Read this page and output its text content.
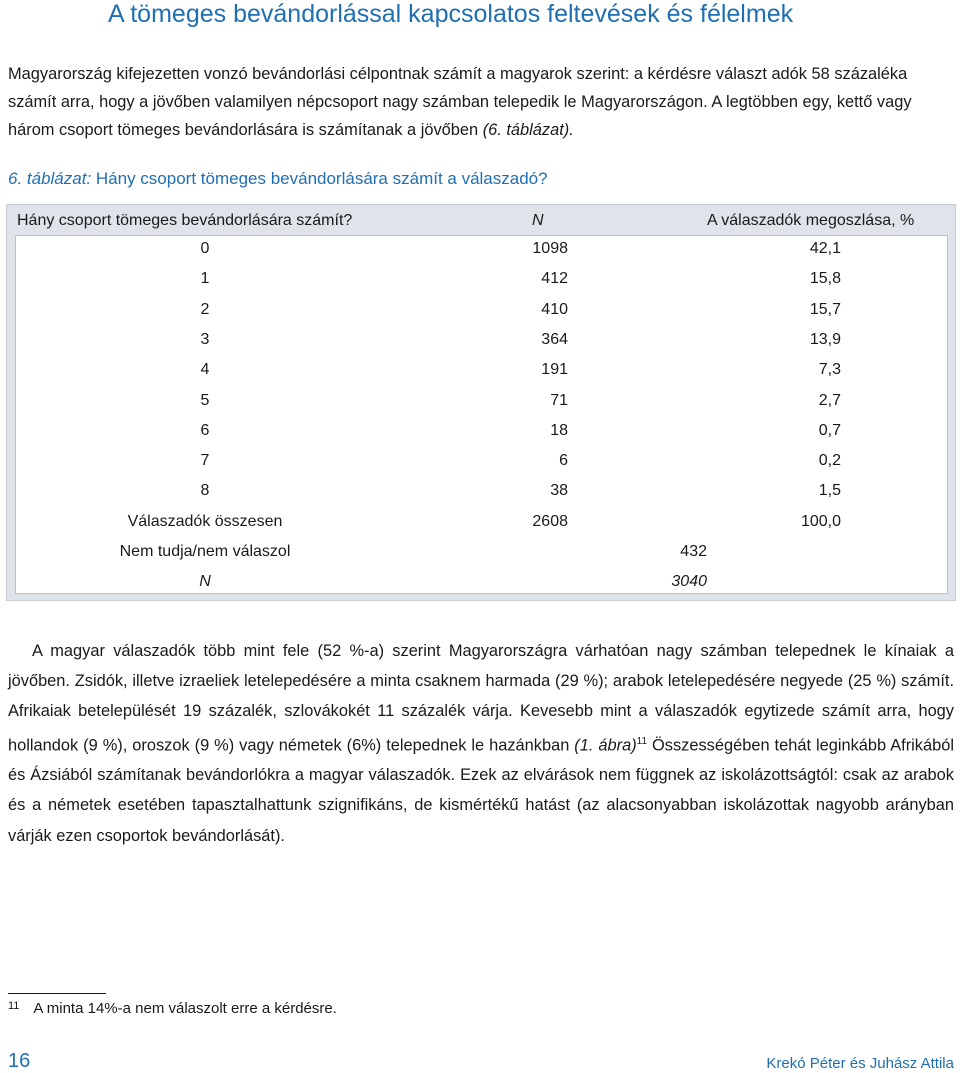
A tömeges bevándorlással kapcsolatos feltevések és félelmek

Magyarország kifejezetten vonzó bevándorlási célpontnak számít a magyarok szerint: a kérdésre választ adók 58 százaléka számít arra, hogy a jövőben valamilyen népcsoport nagy számban telepedik le Magyarországon. A legtöbben egy, kettő vagy három csoport tömeges bevándorlására is számítanak a jövőben (6. táblázat).

6. táblázat: Hány csoport tömeges bevándorlására számít a válaszadó?
Hány csoport tömeges bevándorlására számít?	N	A válaszadók megoszlása, %
0	1098	42,1
1	412	15,8
2	410	15,7
3	364	13,9
4	191	7,3
5	71	2,7
6	18	0,7
7	6	0,2
8	38	1,5
Válaszadók összesen	2608	100,0
Nem tudja/nem válaszol	432
N	3040

A magyar válaszadók több mint fele (52 %-a) szerint Magyarországra várhatóan nagy számban telepednek le kínaiak a jövőben. Zsidók, illetve izraeliek letelepedésére a minta csaknem harmada (29 %); arabok letelepedésére negyede (25 %) számít. Afrikaiak betelepülését 19 százalék, szlovákokét 11 százalék várja. Kevesebb mint a válaszadók egytizede számít arra, hogy hollandok (9 %), oroszok (9 %) vagy németek (6%) telepednek le hazánkban (1. ábra)$^{11}$ Összességében tehát leginkább Afrikából és Ázsiából számítanak bevándorlókra a magyar válaszadók. Ezek az elvárások nem függnek az iskolázottságtól: csak az arabok és a németek esetében tapasztalhattunk szignifikáns, de kismértékű hatást (az alacsonyabban iskolázottak nagyobb arányban várják ezen csoportok bevándorlását).

$^{11}$ A minta 14%-a nem válaszolt erre a kérdésre.
16	Krekó Péter és Juhász Attila
